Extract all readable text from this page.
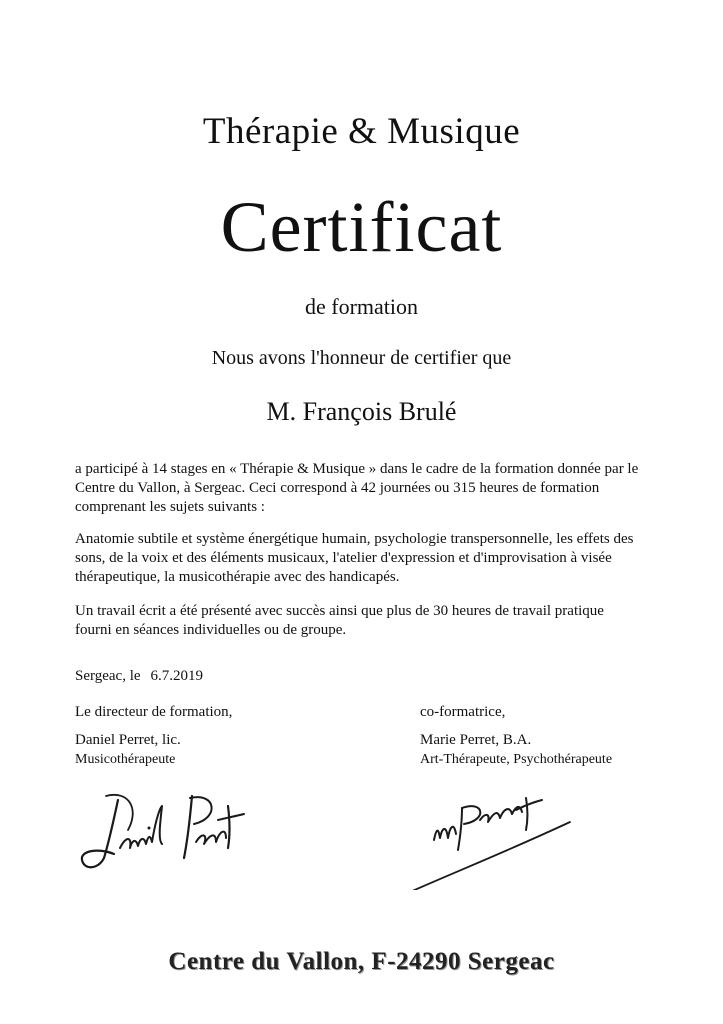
Thérapie & Musique
Certificat
de formation
Nous avons l'honneur de certifier que
M. François Brulé
a participé à 14 stages en « Thérapie & Musique » dans le cadre de la formation donnée par le Centre du Vallon, à Sergeac. Ceci correspond à 42 journées ou 315 heures de formation comprenant les sujets suivants :
Anatomie subtile et système énergétique humain, psychologie transpersonnelle, les effets des sons, de la voix et des éléments musicaux, l'atelier d'expression et d'improvisation à visée thérapeutique, la musicothérapie avec des handicapés.
Un travail écrit a été présenté avec succès ainsi que plus de 30 heures de travail pratique fourni en séances individuelles ou de groupe.
Sergeac, le 6.7.2019
Le directeur de formation,
Daniel Perret, lic.
Musicothérapeute
co-formatrice,
Marie Perret, B.A.
Art-Thérapeute, Psychothérapeute
Centre du Vallon, F-24290 Sergeac
